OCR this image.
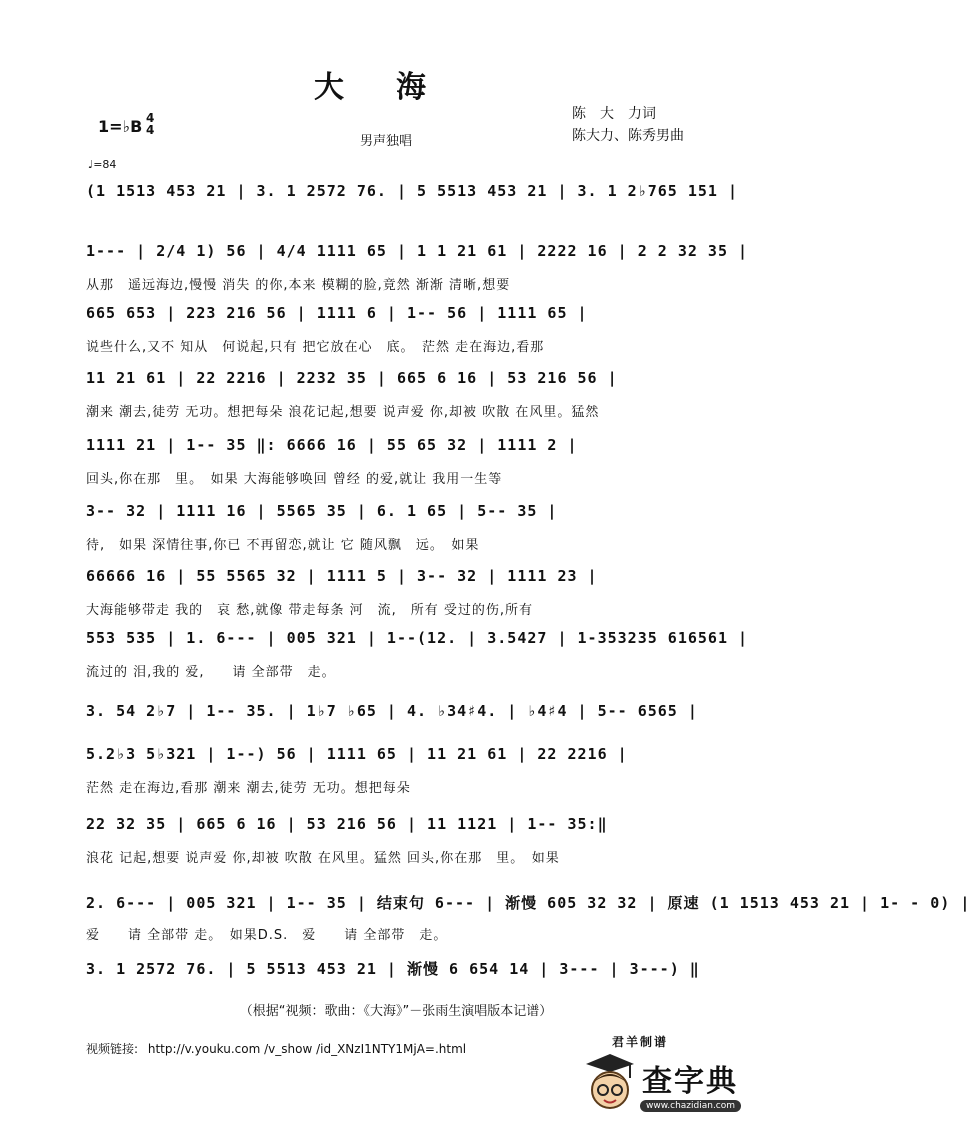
大海
陈　大　力词
陈大力、陈秀男曲
男声独唱
1=♭B 4
4
♩=84
(1 1513 453 21 | 3. 1 2572 76. | 5 5513 453 21 | 3. 1 2♭765 151 |
1--- | 2/4 1) 56 | 4/4 1111 65 | 1 1 21 61 | 2222 16 | 2 2 32 35 |
从那　遥远海边,慢慢 消失 的你,本来 模糊的脸,竟然 渐渐 清晰,想要
665 653 | 223 216 56 | 1111 6 | 1-- 56 | 1111 65 |
说些什么,又不 知从　何说起,只有 把它放在心　底。　茫然 走在海边,看那
11 21 61 | 22 2216 | 2232 35 | 665 6 16 | 53 216 56 |
潮来 潮去,徒劳 无功。想把每朵 浪花记起,想要 说声爱 你,却被 吹散 在风里。猛然
1111 21 | 1-- 35 ‖: 6666 16 | 55 65 32 | 1111 2 |
回头,你在那　里。　如果 大海能够唤回 曾经 的爱,就让 我用一生等
3-- 32 | 1111 16 | 5565 35 | 6. 1 65 | 5-- 35 |
待,　如果 深情往事,你已 不再留恋,就让 它 随风飘　远。　如果
66666 16 | 55 5565 32 | 1111 5 | 3-- 32 | 1111 23 |
大海能够带走 我的　哀 愁,就像 带走每条 河　流,　所有 受过的伤,所有
553 535 | 1. 6--- | 005 321 | 1--(12. | 3.5427 | 1-353235 616561 |
流过的 泪,我的 爱,　　请 全部带　走。
3. 54 2♭7 | 1-- 35. | 1♭7 ♭65 | 4. ♭34♯4. | ♭4♯4 | 5-- 6565 |
5.2♭3 5♭321 | 1--) 56 | 1111 65 | 11 21 61 | 22 2216 |
茫然 走在海边,看那 潮来 潮去,徒劳 无功。想把每朵
22 32 35 | 665 6 16 | 53 216 56 | 11 1121 | 1-- 35:‖
浪花 记起,想要 说声爱 你,却被 吹散 在风里。猛然 回头,你在那　里。　如果
2. 6--- | 005 321 | 1-- 35 | 结束句 6--- | 渐慢 605 32 32 | 原速 (1 1513 453 21 | 1- - 0) |
爱　　请 全部带 走。　如果D.S.　爱　　请 全部带　走。
3. 1 2572 76. | 5 5513 453 21 | 渐慢 6 654 14 | 3--- | 3---) ‖
（根据“视频：歌曲：《大海》”－张雨生演唱版本记谱）
视频链接: http://v.youku.com /v_show /id_XNzI1NTY1MjA=.html	君羊制谱
查字典
www.chazidian.com
